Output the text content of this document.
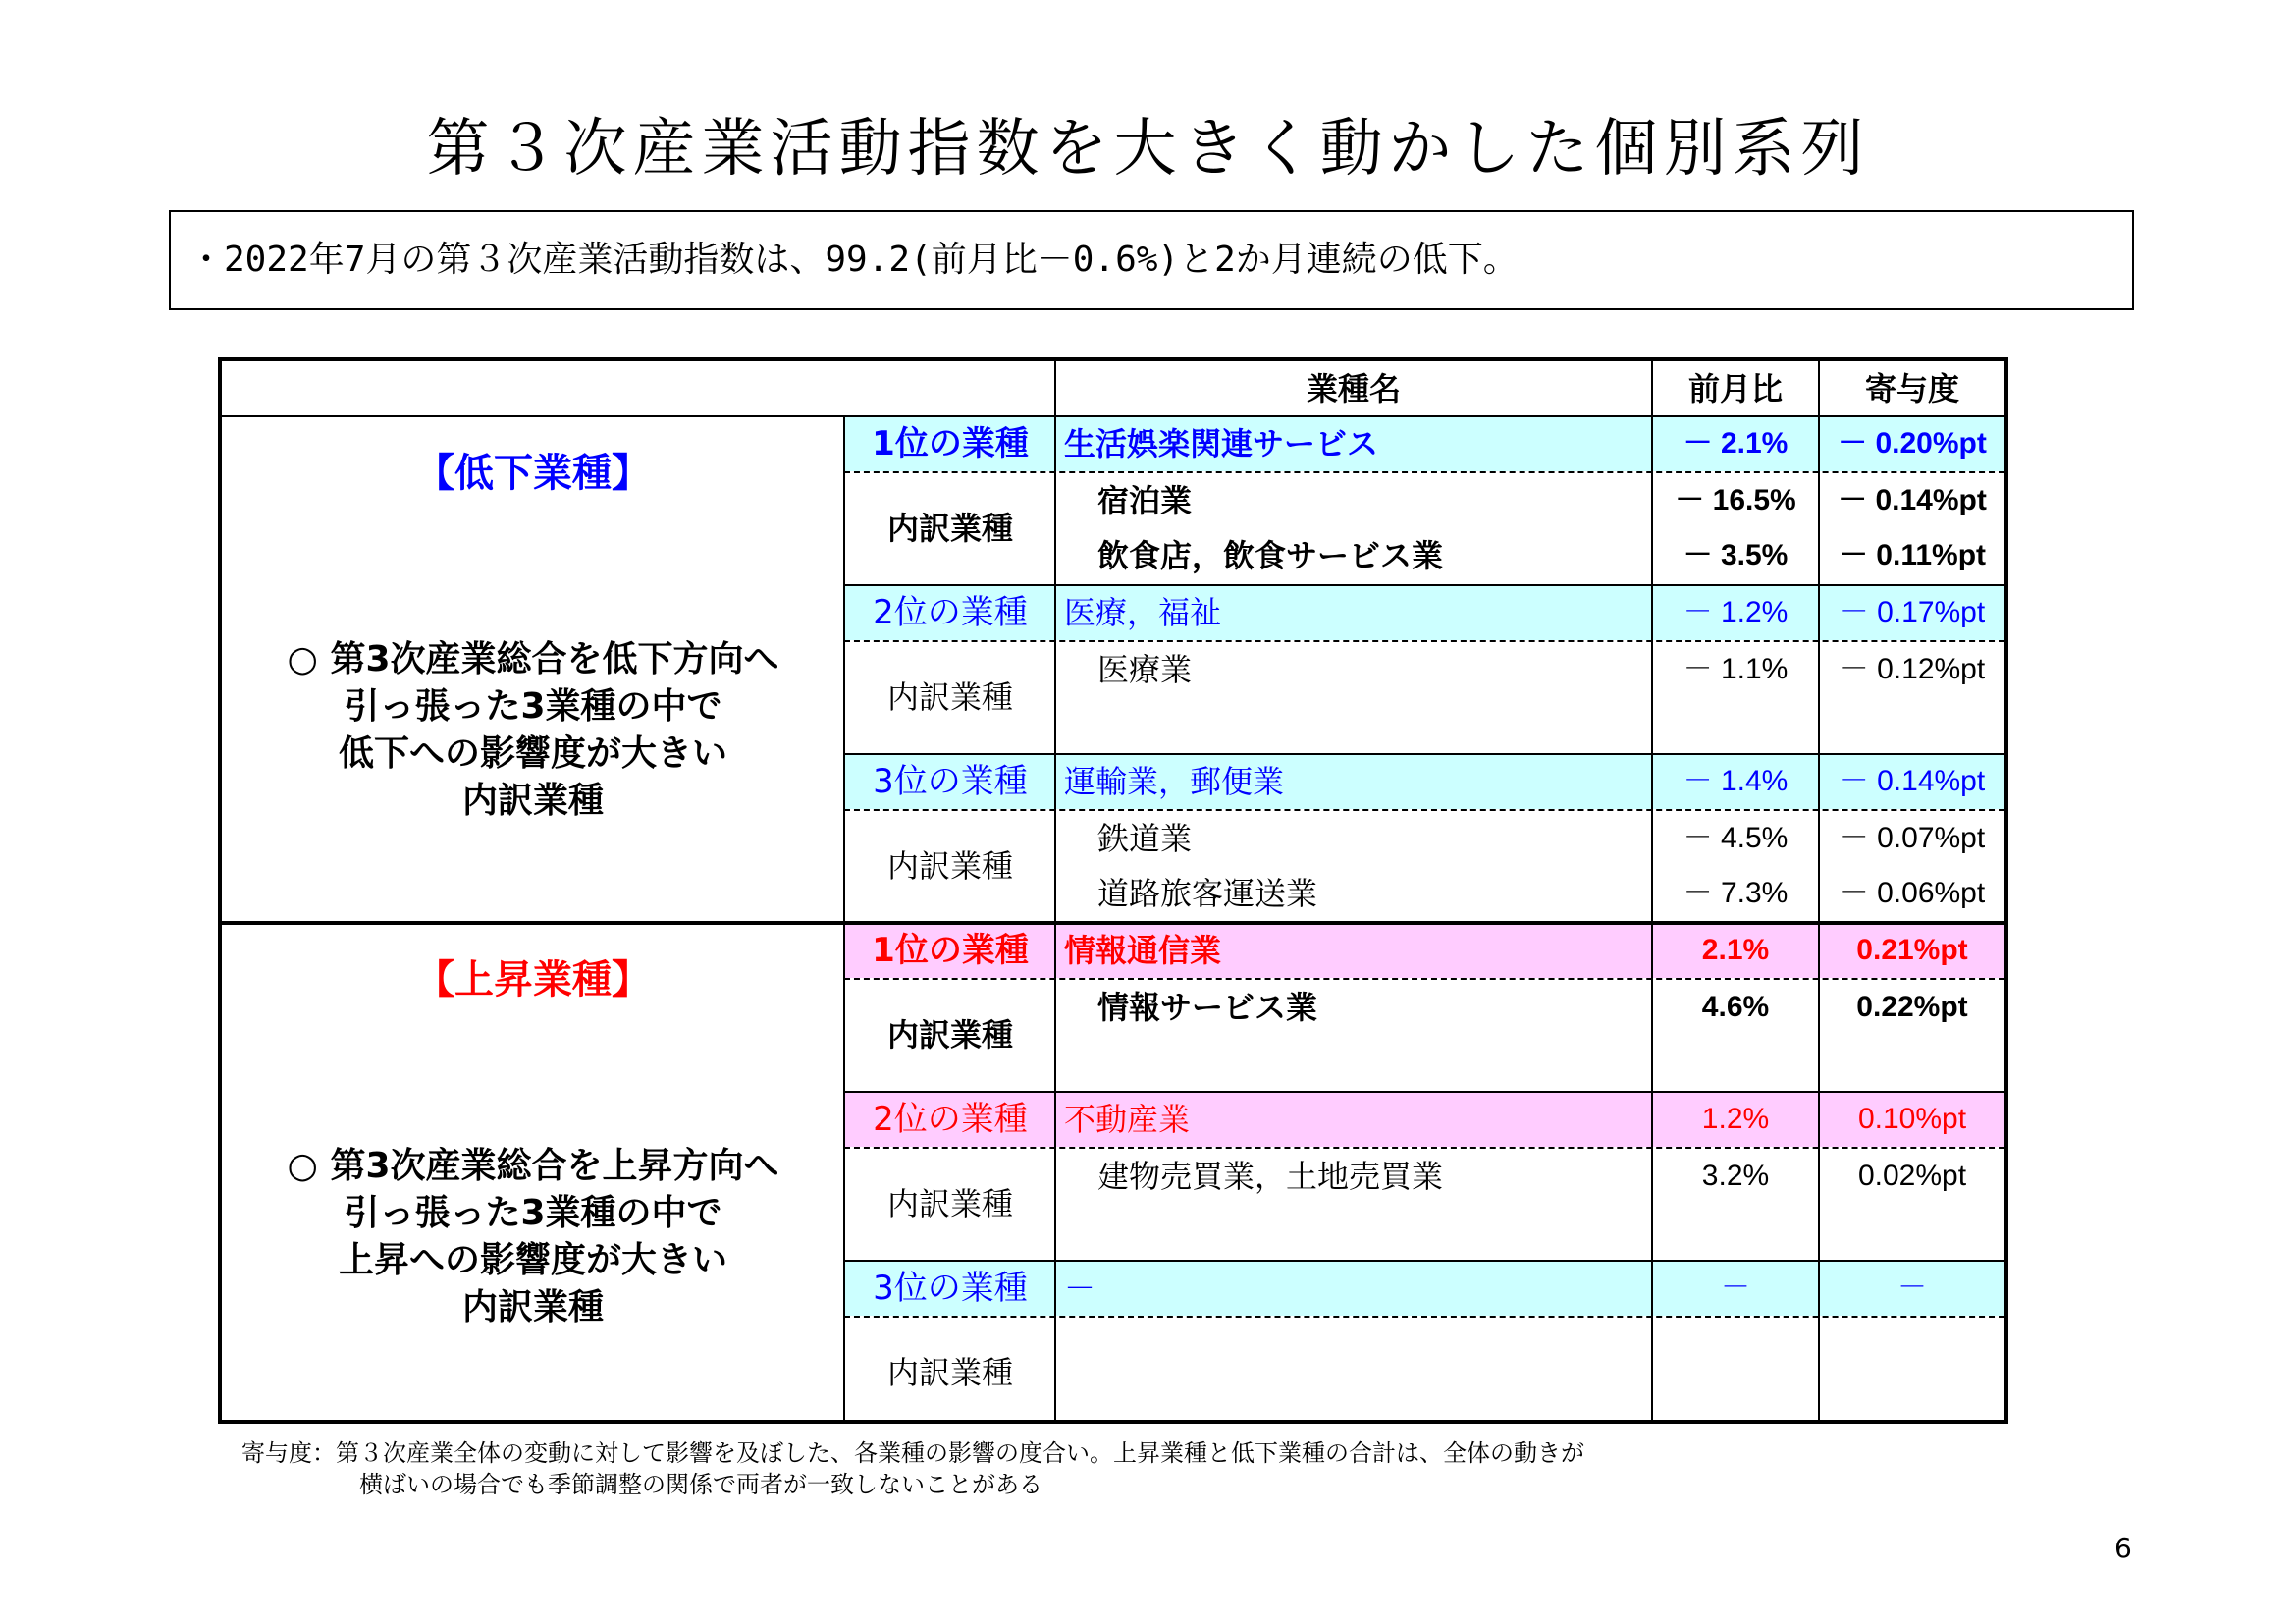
第３次産業活動指数を大きく動かした個別系列
・2022年7月の第３次産業活動指数は、99.2(前月比－0.6%)と2か月連続の低下。
業種名	前月比	寄与度
【低下業種】
○ 第3次産業総合を低下方向へ
引っ張った3業種の中で
低下への影響度が大きい
内訳業種
1位の業種	生活娯楽関連サービス	－ 2.1%	－ 0.20%pt
内訳業種
宿泊業	－ 16.5%	－ 0.14%pt
飲食店，飲食サービス業	－ 3.5%	－ 0.11%pt
2位の業種	医療，福祉	－ 1.2%	－ 0.17%pt
内訳業種
医療業	－ 1.1%	－ 0.12%pt
3位の業種	運輸業，郵便業	－ 1.4%	－ 0.14%pt
内訳業種
鉄道業	－ 4.5%	－ 0.07%pt
道路旅客運送業	－ 7.3%	－ 0.06%pt
【上昇業種】
○ 第3次産業総合を上昇方向へ
引っ張った3業種の中で
上昇への影響度が大きい
内訳業種
1位の業種	情報通信業	2.1%	0.21%pt
内訳業種
情報サービス業	4.6%	0.22%pt
2位の業種	不動産業	1.2%	0.10%pt
内訳業種
建物売買業，土地売買業	3.2%	0.02%pt
3位の業種	－	－	－
内訳業種
寄与度：第３次産業全体の変動に対して影響を及ぼした、各業種の影響の度合い。上昇業種と低下業種の合計は、全体の動きが
横ばいの場合でも季節調整の関係で両者が一致しないことがある
6
